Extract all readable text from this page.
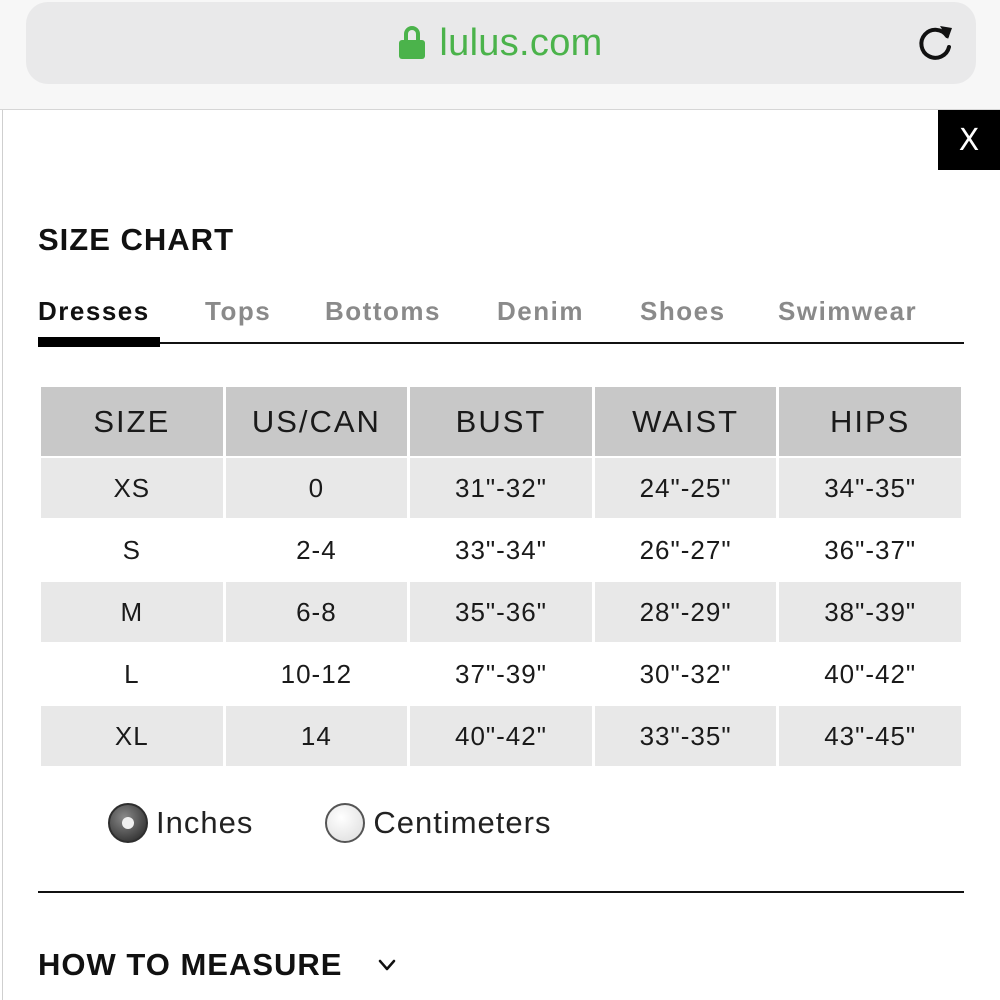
lulus.com
X
SIZE CHART
Dresses Tops Bottoms Denim Shoes Swimwear
SIZE	US/CAN	BUST	WAIST	HIPS
XS	0	31"-32"	24"-25"	34"-35"
S	2-4	33"-34"	26"-27"	36"-37"
M	6-8	35"-36"	28"-29"	38"-39"
L	10-12	37"-39"	30"-32"	40"-42"
XL	14	40"-42"	33"-35"	43"-45"
Inches	Centimeters
HOW TO MEASURE
